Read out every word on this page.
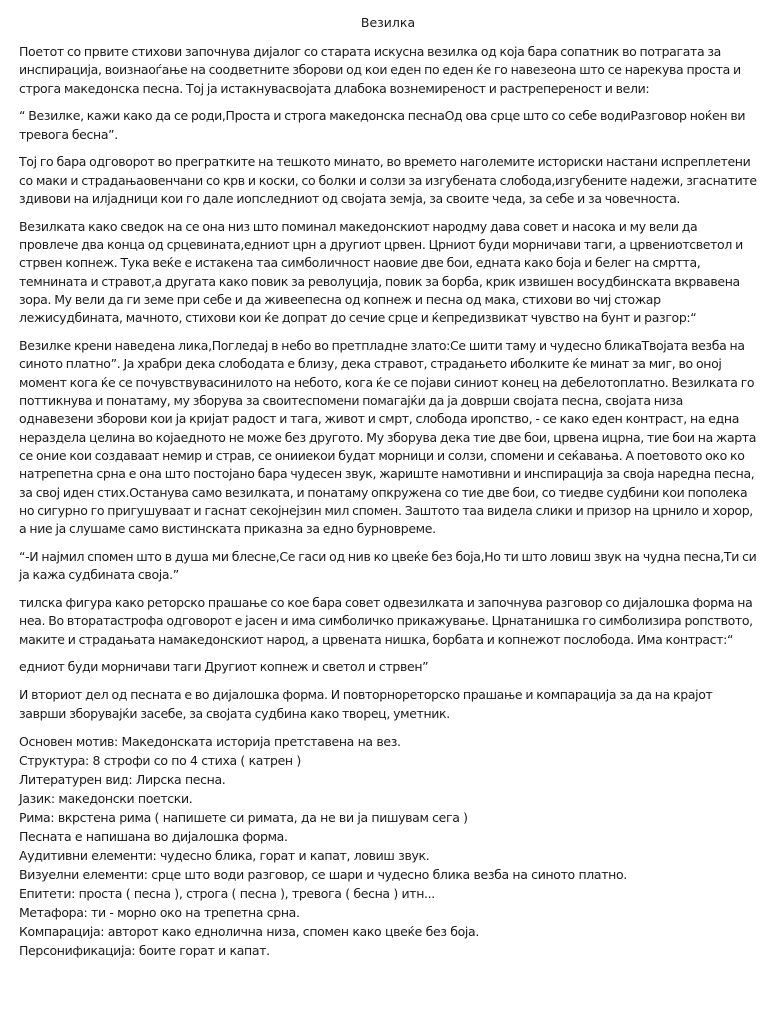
Везилка

Поетот со првите стихови започнува дијалог со старата искусна везилка од која бара сопатник во потрагата за инспирација, воизнаоѓање на соодветните зборови од кои еден по еден ќе го навезеона што се нарекува проста и строга македонска песна. Тој ја истакнувасвојата длабока вознемиреност и растрепереност и вели:

“ Везилке, кажи како да се роди,Проста и строга македонска песнаОд ова срце што со себе водиРазговор ноќен ви тревога бесна”.

Тој го бара одговорот во прегратките на тешкото минато, во времето наголемите историски настани испреплетени со маки и страдањаовенчани со крв и коски, со болки и солзи за изгубената слобода,изгубените надежи, згаснатите здивови на илјадници кои го дале иопследниот од својата земја, за своите чеда, за себе и за човечноста.

Везилката како сведок на се она низ што поминал македонскиот народму дава совет и насока и му вели да провлече два конца од срцевината,едниот црн а другиот црвен. Црниот буди морничави таги, а црвениотсветол и стрвен копнеж. Тука веќе е истакена таа симболичност наовие две бои, едната како боја и белег на смртта, темнината и стравот,а другата како повик за револуција, повик за борба, крик извишен восудбинската вкрвавена зора. Му вели да ги земе при себе и да живеепесна од копнеж и песна од мака, стихови во чиј стожар лежисудбината, мачното, стихови кои ќе допрат до сечие срце и ќепредизвикат чувство на бунт и разгор:“

Везилке крени наведена лика,Погледај в небо во претпладне злато:Се шити таму и чудесно бликаТвојата везба на синото платно”. Ја храбри дека слободата е близу, дека стравот, страдањето иболките ќе минат за миг, во оној момент кога ќе се почувствувасинилото на небото, кога ќе се појави синиот конец на дебелотоплатно. Везилката го поттикнува и понатаму, му зборува за своитеспомени помагајќи да ја доврши својата песна, својата низа однавезени зборови кои ја кријат радост и тага, живот и смрт, слобода иропство, - се како еден контраст, на една нераздела целина во којаедното не може без другото. Му зборува дека тие две бои, црвена ицрна, тие бои на жарта се оние кои создаваат немир и страв, се онииекои будат морници и солзи, спомени и сеќавања. А поетовото око ко натрепетна срна е она што постојано бара чудесен звук, жариште намотивни и инспирација за своја наредна песна, за свој иден стих.Останува само везилката, и понатаму опкружена со тие две бои, со тиедве судбини кои пополека но сигурно го пригушуваат и гаснат секојнејзин мил спомен. Заштото таа видела слики и призор на црнило и хорор, а ние ја слушаме само вистинската приказна за едно бурновреме.

“-И најмил спомен што в душа ми блесне,Се гаси од нив ко цвеќе без боја,Но ти што ловиш звук на чудна песна,Ти си ја кажа судбината своја.”

тилска фигура како реторско прашање со кое бара совет одвезилката и започнува разговор со дијалошка форма на неа. Во вторатастрофа одговорот е јасен и има симболичко прикажување. Црнатанишка го симболизира ропството, маките и страдањата намакедонскиот народ, а црвената нишка, борбата и копнежот послобода. Има контраст:“

едниот буди морничави таги Другиот копнеж и светол и стрвен”

И вториот дел од песната е во дијалошка форма. И повторнореторско прашање и компарација за да на крајот заврши зборувајќи засебе, за својата судбина како творец, уметник.

Основен мотив: Македонската историја претставена на вез.
Структура: 8 строфи со по 4 стиха ( катрен )
Литературен вид: Лирска песна.
Јазик: македонски поетски.
Рима: вкрстена рима ( напишете си римата, да не ви ја пишувам сега )
Песната е напишана во дијалошка форма.
Аудитивни елементи: чудесно блика, горат и капат, ловиш звук.
Визуелни елементи: срце што води разговор, се шари и чудесно блика везба на синото платно.
Епитети: проста ( песна ), строга ( песна ), тревога ( бесна ) итн...
Метафора: ти - морно око на трепетна срна.
Компарација: авторот како еднолична низа, спомен како цвеќе без боја.
Персонификација: боите горат и капат.
